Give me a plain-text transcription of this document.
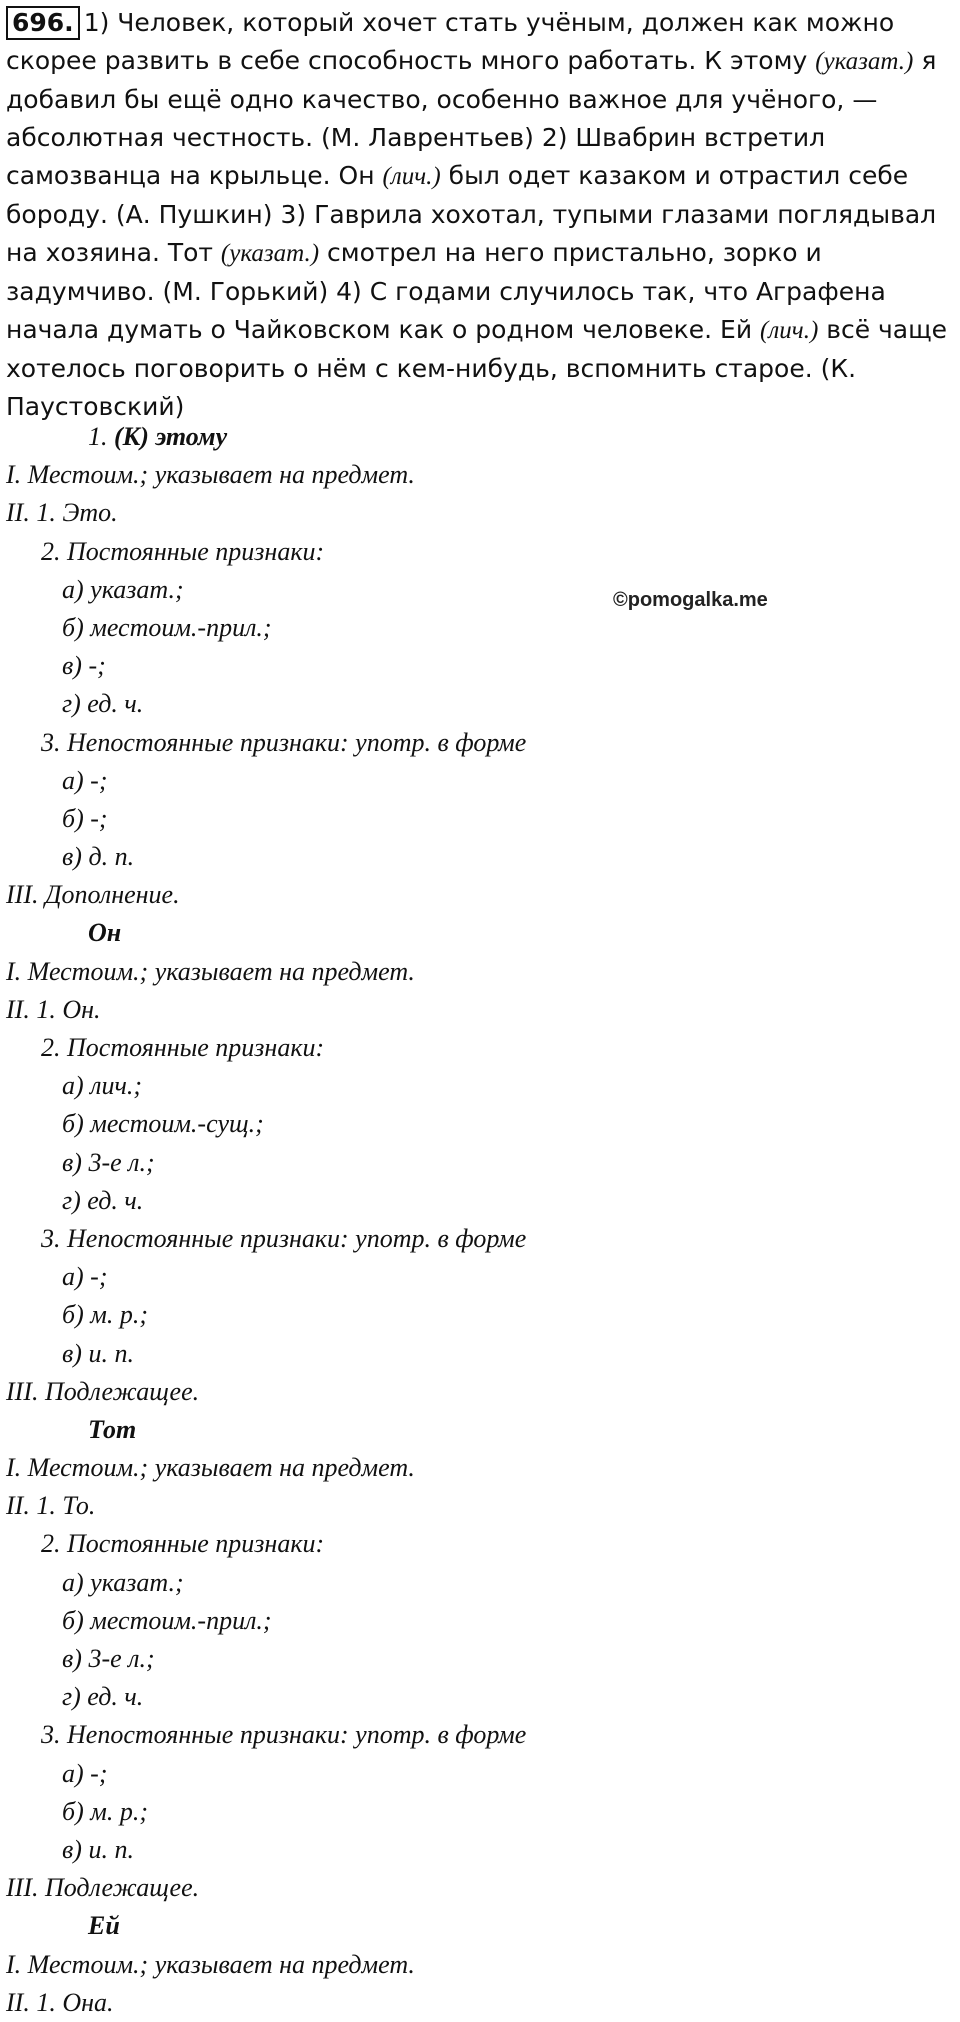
696. 1) Человек, который хочет стать учёным, должен как можно скорее развить в себе способность много работать. К этому (указат.) я добавил бы ещё одно качество, особенно важное для учёного, — абсолютная честность. (М. Лаврентьев) 2) Швабрин встретил самозванца на крыльце. Он (лич.) был одет казаком и отрастил себе бороду. (А. Пушкин) 3) Гаврила хохотал, тупыми глазами поглядывал на хозяина. Тот (указат.) смотрел на него пристально, зорко и задумчиво. (М. Горький) 4) С годами случилось так, что Аграфена начала думать о Чайковском как о родном человеке. Ей (лич.) всё чаще хотелось поговорить о нём с кем-нибудь, вспомнить старое. (К. Паустовский)
©pomogalka.me
1. (К) этому
I. Местоим.; указывает на предмет.
II. 1. Это.
2. Постоянные признаки:
а) указат.;
б) местоим.-прил.;
в) -;
г) ед. ч.
3. Непостоянные признаки: употр. в форме
а) -;
б) -;
в) д. п.
III. Дополнение.
Он
I. Местоим.; указывает на предмет.
II. 1. Он.
2. Постоянные признаки:
а) лич.;
б) местоим.-сущ.;
в) 3-е л.;
г) ед. ч.
3. Непостоянные признаки: употр. в форме
а) -;
б) м. р.;
в) и. п.
III. Подлежащее.
Тот
I. Местоим.; указывает на предмет.
II. 1. То.
2. Постоянные признаки:
а) указат.;
б) местоим.-прил.;
в) 3-е л.;
г) ед. ч.
3. Непостоянные признаки: употр. в форме
а) -;
б) м. р.;
в) и. п.
III. Подлежащее.
Ей
I. Местоим.; указывает на предмет.
II. 1. Она.
